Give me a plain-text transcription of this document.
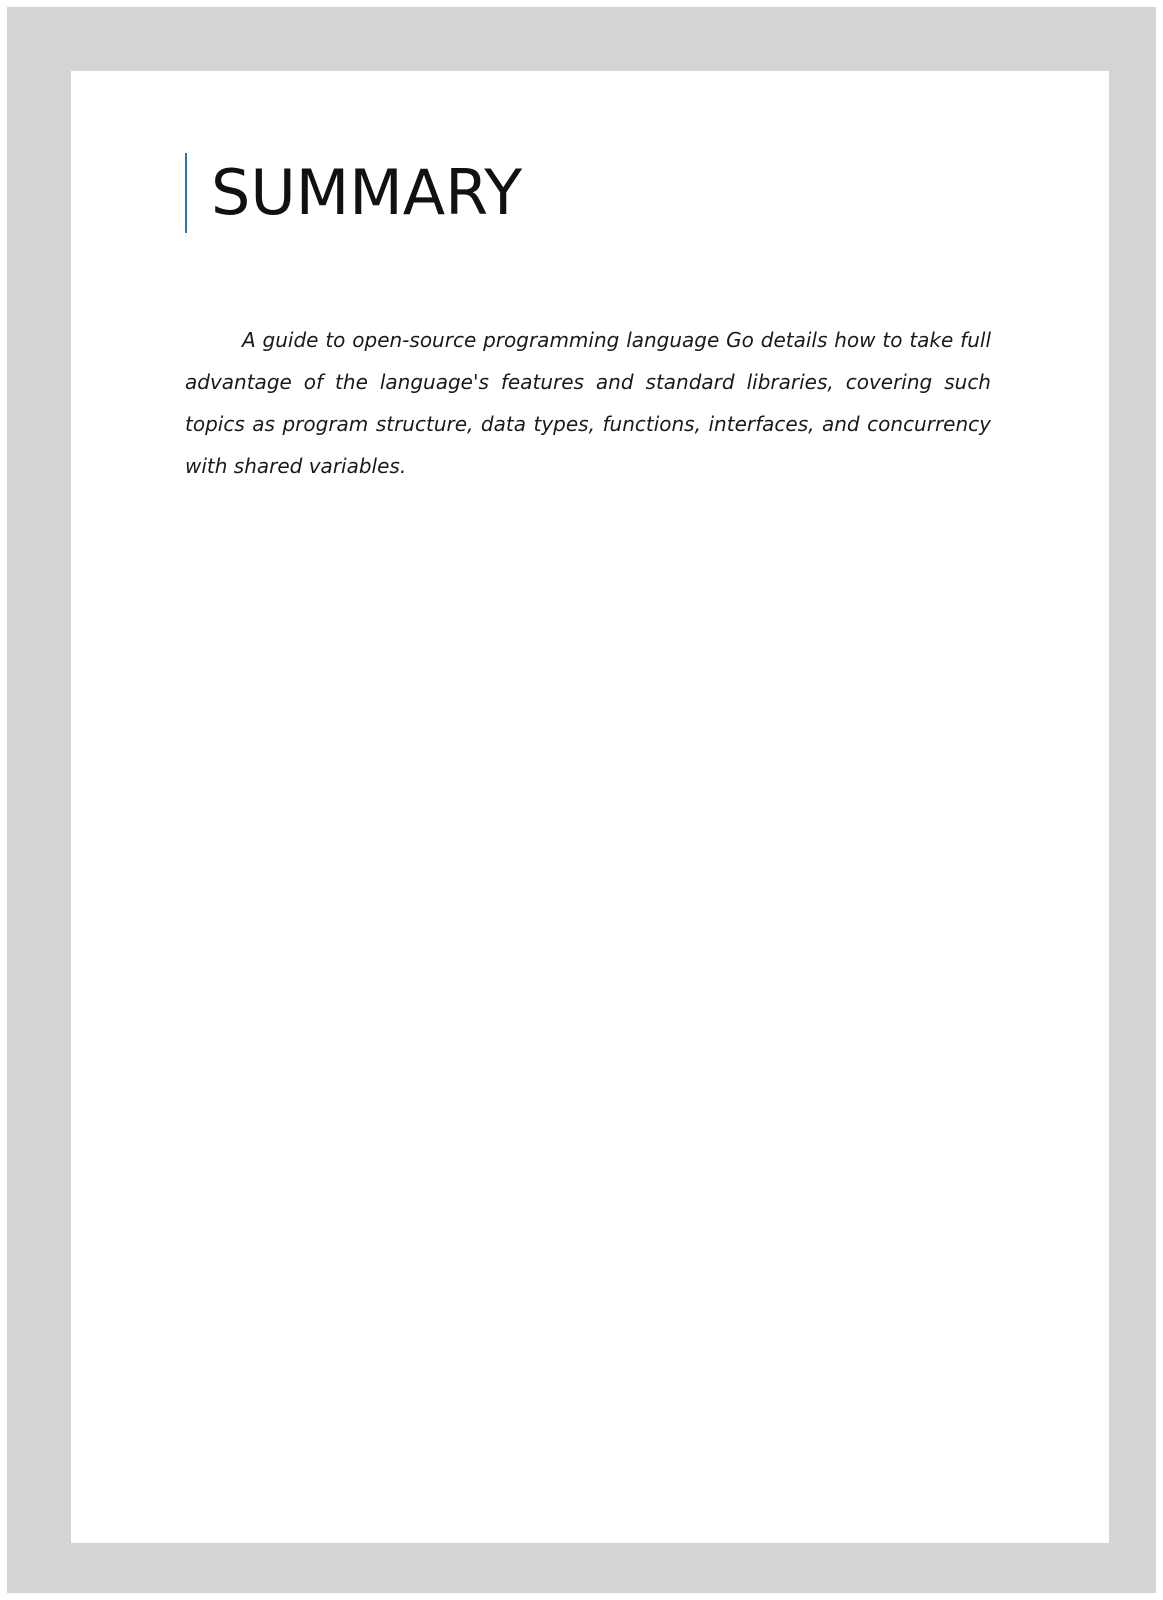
SUMMARY

A guide to open-source programming language Go details how to take full advantage of the language's features and standard libraries, covering such topics as program structure, data types, functions, interfaces, and concurrency with shared variables.
